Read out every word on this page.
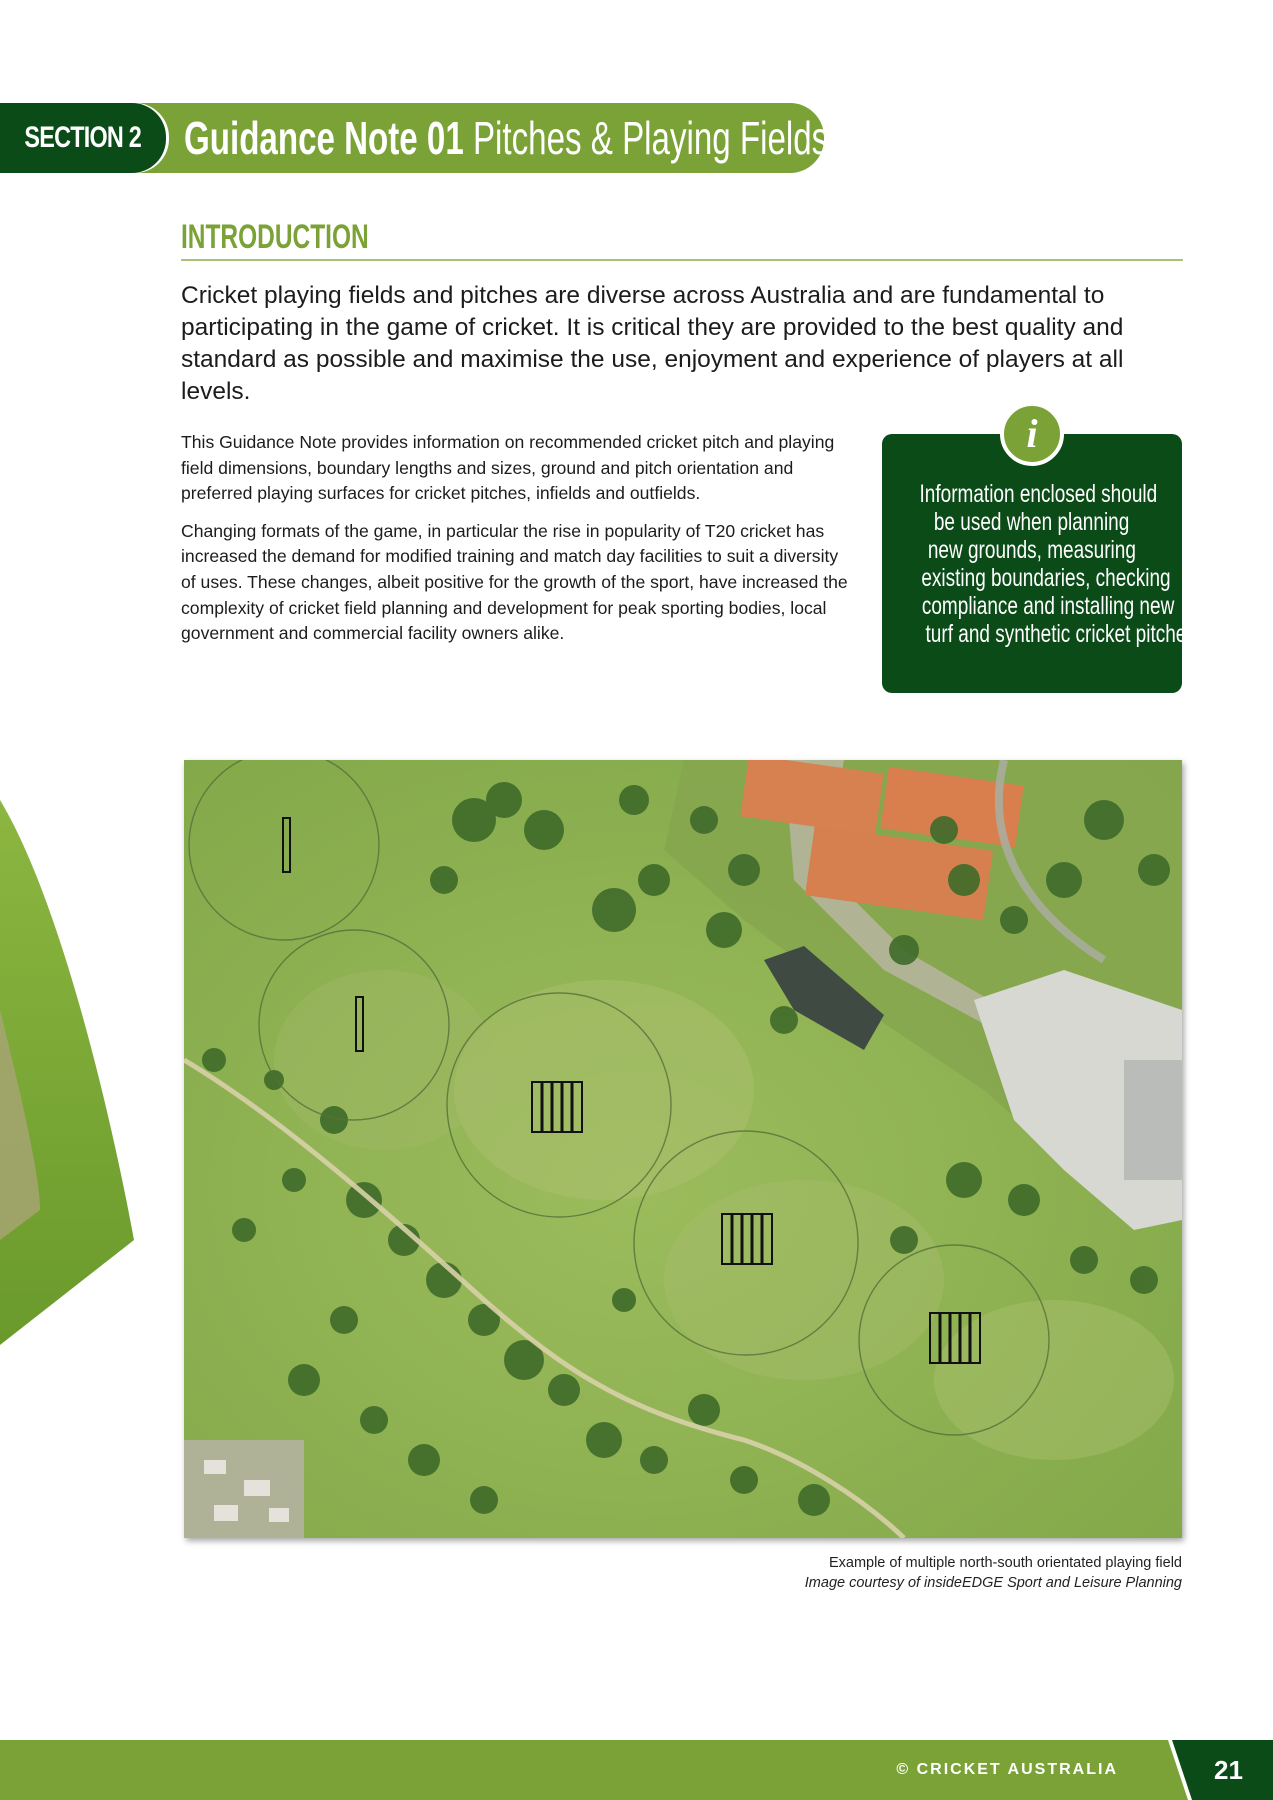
Guidance Note 01 Pitches & Playing Fields
SECTION 2
INTRODUCTION
Cricket playing fields and pitches are diverse across Australia and are fundamental to participating in the game of cricket. It is critical they are provided to the best quality and standard as possible and maximise the use, enjoyment and experience of players at all levels.

This Guidance Note provides information on recommended cricket pitch and playing field dimensions, boundary lengths and sizes, ground and pitch orientation and preferred playing surfaces for cricket pitches, infields and outfields.

Changing formats of the game, in particular the rise in popularity of T20 cricket has increased the demand for modified training and match day facilities to suit a diversity of uses. These changes, albeit positive for the growth of the sport, have increased the complexity of cricket field planning and development for peak sporting bodies, local government and commercial facility owners alike.

i
Information enclosed should
be used when planning
new grounds, measuring
existing boundaries, checking
compliance and installing new
turf and synthetic cricket pitches.
Example of multiple north-south orientated playing field
Image courtesy of insideEDGE Sport and Leisure Planning
© CRICKET AUSTRALIA	21
